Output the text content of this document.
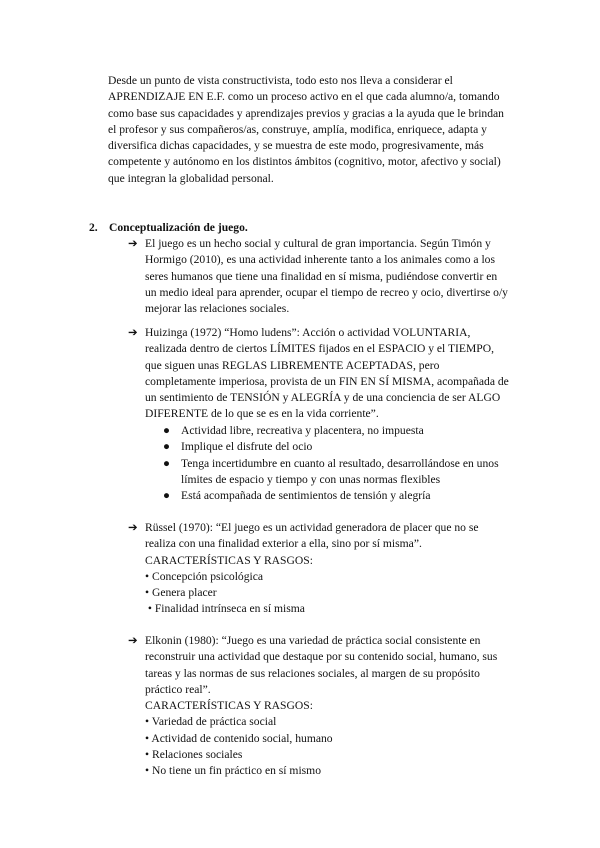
Desde un punto de vista constructivista, todo esto nos lleva a considerar el
APRENDIZAJE EN E.F. como un proceso activo en el que cada alumno/a, tomando
como base sus capacidades y aprendizajes previos y gracias a la ayuda que le brindan
el profesor y sus compañeros/as, construye, amplía, modifica, enriquece, adapta y
diversifica dichas capacidades, y se muestra de este modo, progresivamente, más
competente y autónomo en los distintos ámbitos (cognitivo, motor, afectivo y social)
que integran la globalidad personal.

2. Conceptualización de juego.
➔ El juego es un hecho social y cultural de gran importancia. Según Timón y
Hormigo (2010), es una actividad inherente tanto a los animales como a los
seres humanos que tiene una finalidad en sí misma, pudiéndose convertir en
un medio ideal para aprender, ocupar el tiempo de recreo y ocio, divertirse o/y
mejorar las relaciones sociales.

➔ Huizinga (1972) “Homo ludens”: Acción o actividad VOLUNTARIA,
realizada dentro de ciertos LÍMITES fijados en el ESPACIO y el TIEMPO,
que siguen unas REGLAS LIBREMENTE ACEPTADAS, pero
completamente imperiosa, provista de un FIN EN SÍ MISMA, acompañada de
un sentimiento de TENSIÓN y ALEGRÍA y de una conciencia de ser ALGO
DIFERENTE de lo que se es en la vida corriente”.

● Actividad libre, recreativa y placentera, no impuesta
● Implique el disfrute del ocio
● Tenga incertidumbre en cuanto al resultado, desarrollándose en unos
límites de espacio y tiempo y con unas normas flexibles
● Está acompañada de sentimientos de tensión y alegría
➔ Rüssel (1970): “El juego es un actividad generadora de placer que no se
realiza con una finalidad exterior a ella, sino por sí misma”.

CARACTERÍSTICAS Y RASGOS:

• Concepción psicológica
• Genera placer
• Finalidad intrínseca en sí misma
➔ Elkonin (1980): “Juego es una variedad de práctica social consistente en
reconstruir una actividad que destaque por su contenido social, humano, sus
tareas y las normas de sus relaciones sociales, al margen de su propósito
práctico real”.

CARACTERÍSTICAS Y RASGOS:

• Variedad de práctica social
• Actividad de contenido social, humano
• Relaciones sociales
• No tiene un fin práctico en sí mismo
